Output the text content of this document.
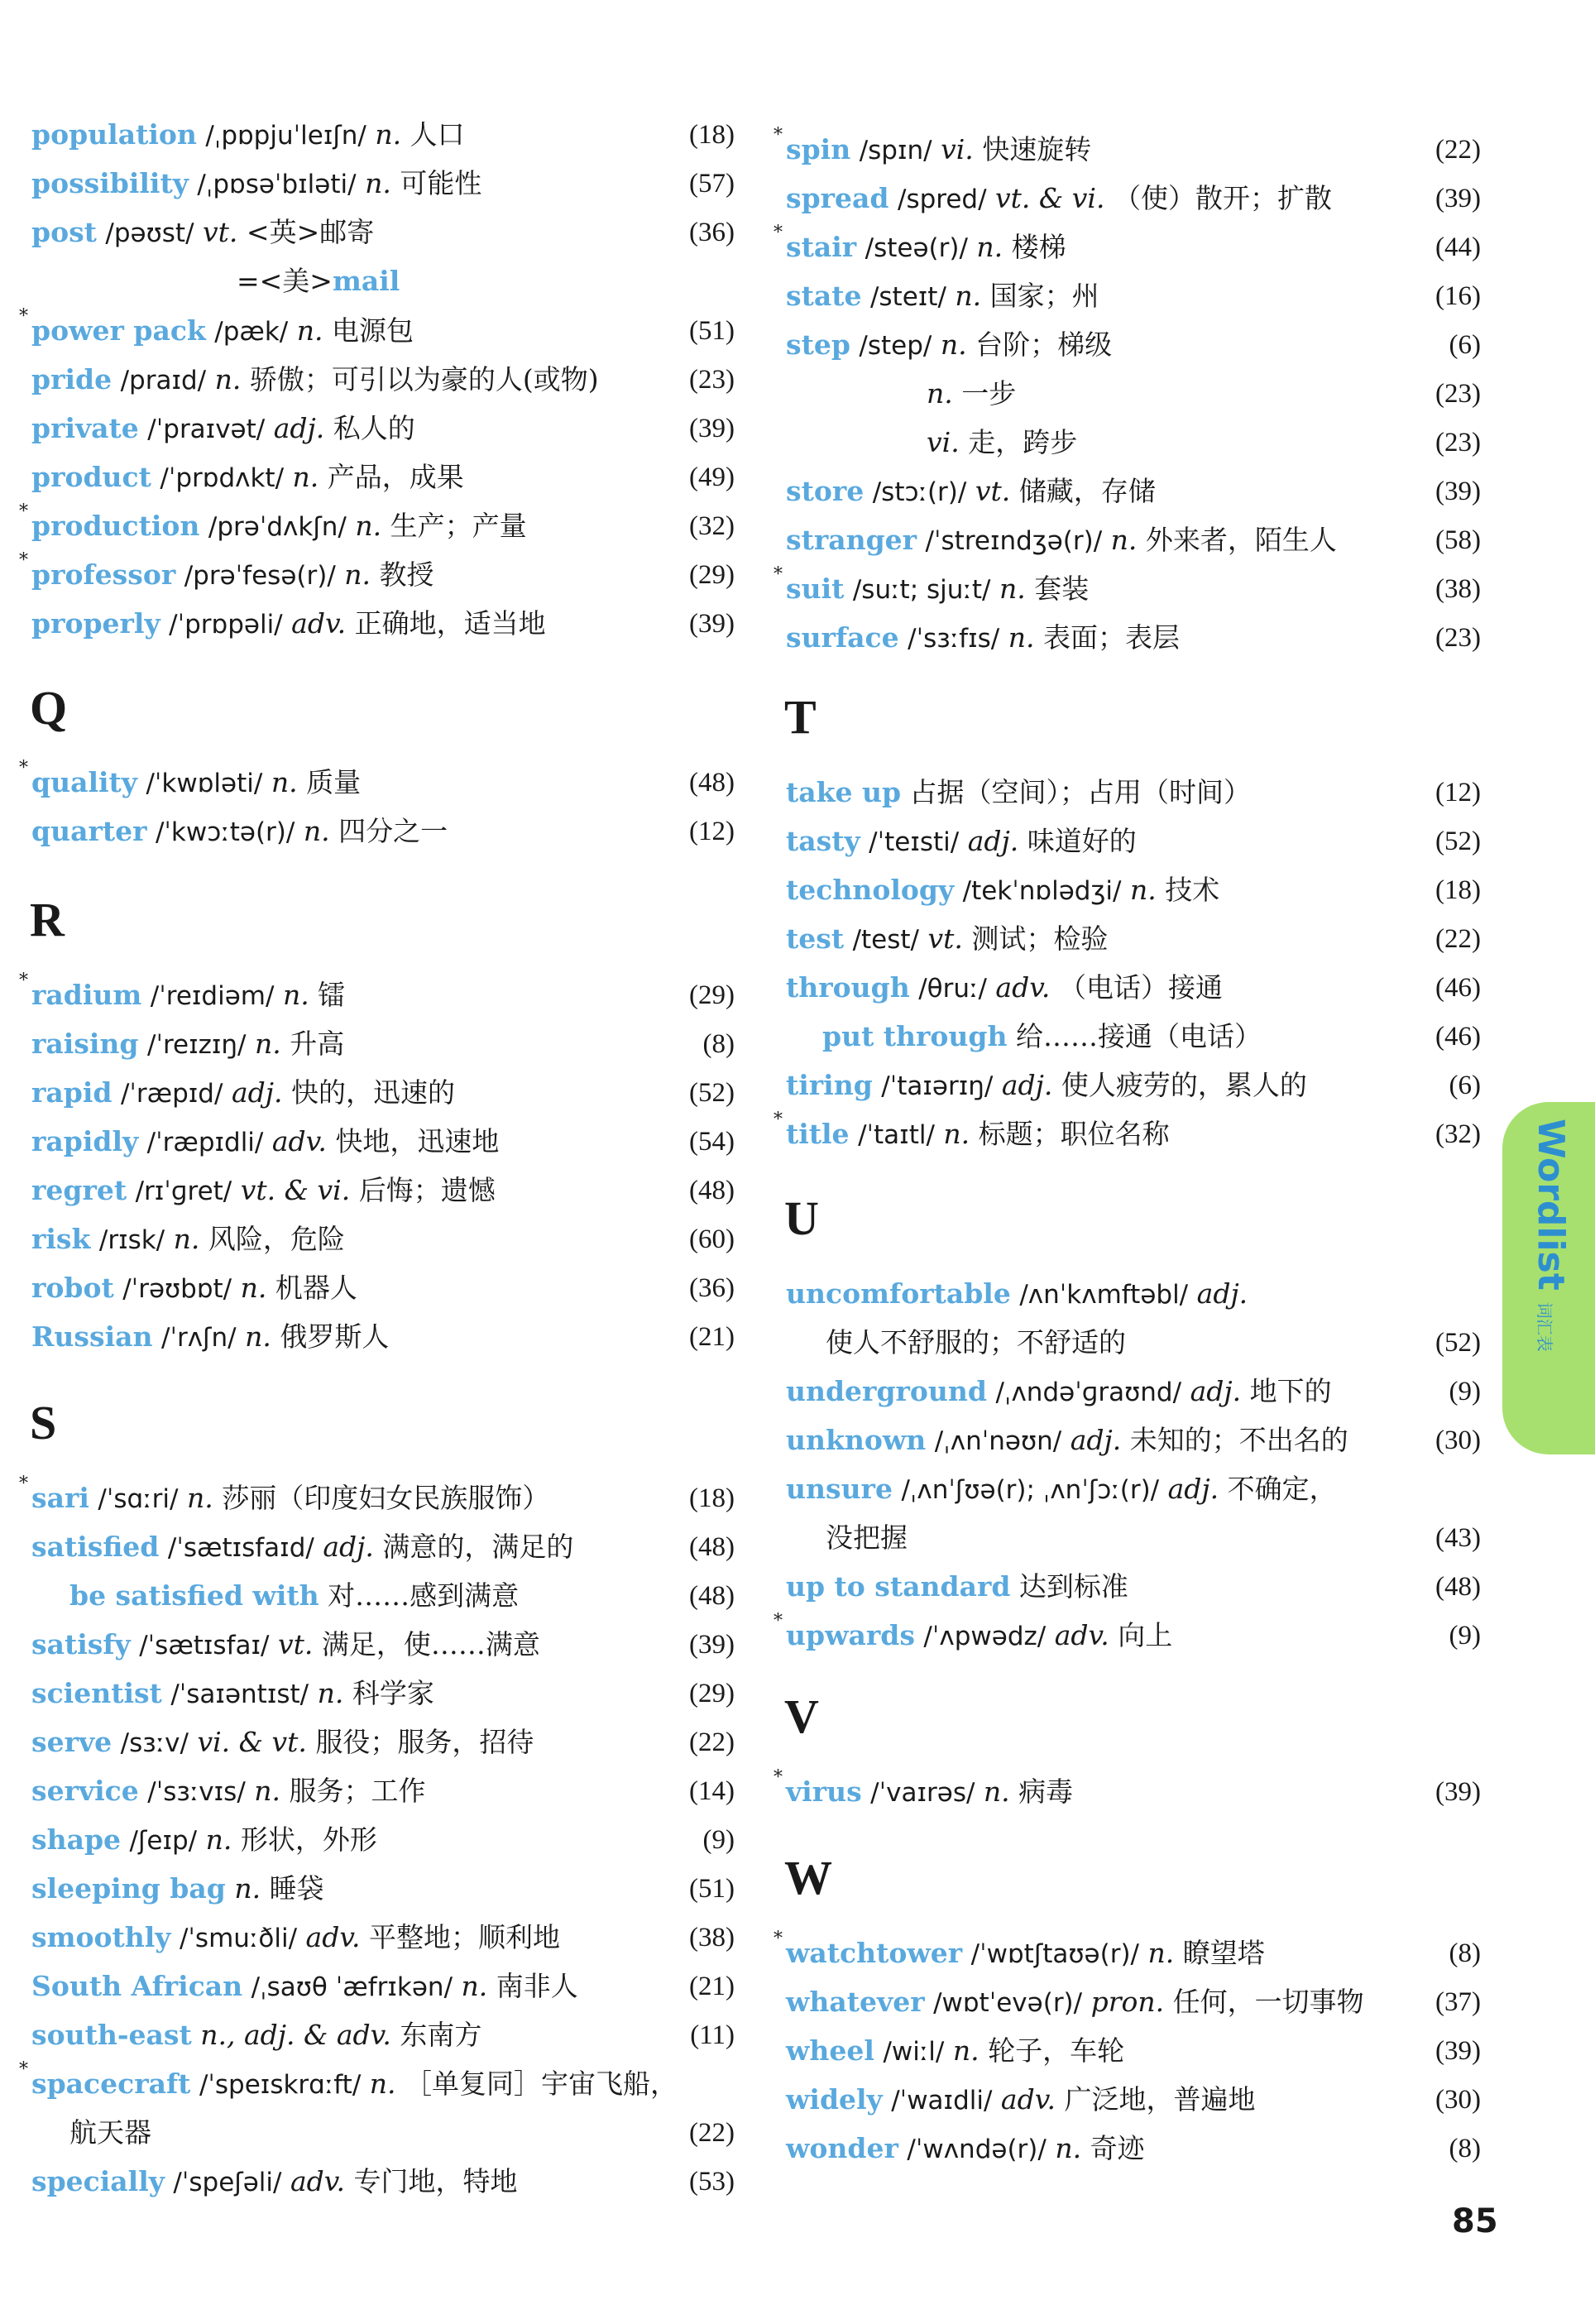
population /ˌpɒpjuˈleɪʃn/ n. 人口	(18)
possibility /ˌpɒsəˈbɪləti/ n. 可能性	(57)
post /pəʊst/ vt. <英>邮寄	(36)
=<美>mail
* power pack /pæk/ n. 电源包	(51)
pride /praɪd/ n. 骄傲；可引以为豪的人(或物)	(23)
private /ˈpraɪvət/ adj. 私人的	(39)
product /ˈprɒdʌkt/ n. 产品，成果	(49)
* production /prəˈdʌkʃn/ n. 生产；产量	(32)
* professor /prəˈfesə(r)/ n. 教授	(29)
properly /ˈprɒpəli/ adv. 正确地，适当地	(39)
Q
* quality /ˈkwɒləti/ n. 质量	(48)
quarter /ˈkwɔːtə(r)/ n. 四分之一	(12)
R
* radium /ˈreɪdiəm/ n. 镭	(29)
raising /ˈreɪzɪŋ/ n. 升高	(8)
rapid /ˈræpɪd/ adj. 快的，迅速的	(52)
rapidly /ˈræpɪdli/ adv. 快地，迅速地	(54)
regret /rɪˈɡret/ vt. & vi. 后悔；遗憾	(48)
risk /rɪsk/ n. 风险，危险	(60)
robot /ˈrəʊbɒt/ n. 机器人	(36)
Russian /ˈrʌʃn/ n. 俄罗斯人	(21)
S
* sari /ˈsɑːri/ n. 莎丽（印度妇女民族服饰）	(18)
satisfied /ˈsætɪsfaɪd/ adj. 满意的，满足的	(48)
be satisfied with 对……感到满意	(48)
satisfy /ˈsætɪsfaɪ/ vt. 满足，使……满意	(39)
scientist /ˈsaɪəntɪst/ n. 科学家	(29)
serve /sɜːv/ vi. & vt. 服役；服务，招待	(22)
service /ˈsɜːvɪs/ n. 服务；工作	(14)
shape /ʃeɪp/ n. 形状，外形	(9)
sleeping bag n. 睡袋	(51)
smoothly /ˈsmuːðli/ adv. 平整地；顺利地	(38)
South African /ˌsaʊθ ˈæfrɪkən/ n. 南非人	(21)
south-east n., adj. & adv. 东南方	(11)
* spacecraft /ˈspeɪskrɑːft/ n. ［单复同］宇宙飞船，
航天器	(22)
specially /ˈspeʃəli/ adv. 专门地，特地	(53)
* spin /spɪn/ vi. 快速旋转	(22)
spread /spred/ vt. & vi. （使）散开；扩散	(39)
* stair /steə(r)/ n. 楼梯	(44)
state /steɪt/ n. 国家；州	(16)
step /step/ n. 台阶；梯级	(6)
n. 一步	(23)
vi. 走，跨步	(23)
store /stɔː(r)/ vt. 储藏，存储	(39)
stranger /ˈstreɪndʒə(r)/ n. 外来者，陌生人	(58)
* suit /suːt; sjuːt/ n. 套装	(38)
surface /ˈsɜːfɪs/ n. 表面；表层	(23)
T
take up 占据（空间）；占用（时间）	(12)
tasty /ˈteɪsti/ adj. 味道好的	(52)
technology /tekˈnɒlədʒi/ n. 技术	(18)
test /test/ vt. 测试；检验	(22)
through /θruː/ adv. （电话）接通	(46)
put through 给……接通（电话）	(46)
tiring /ˈtaɪərɪŋ/ adj. 使人疲劳的，累人的	(6)
* title /ˈtaɪtl/ n. 标题；职位名称	(32)
U
uncomfortable /ʌnˈkʌmftəbl/ adj.
使人不舒服的；不舒适的	(52)
underground /ˌʌndəˈɡraʊnd/ adj. 地下的	(9)
unknown /ˌʌnˈnəʊn/ adj. 未知的；不出名的	(30)
unsure /ˌʌnˈʃʊə(r); ˌʌnˈʃɔː(r)/ adj. 不确定，
没把握	(43)
up to standard 达到标准	(48)
* upwards /ˈʌpwədz/ adv. 向上	(9)
V
* virus /ˈvaɪrəs/ n. 病毒	(39)
W
* watchtower /ˈwɒtʃtaʊə(r)/ n. 瞭望塔	(8)
whatever /wɒtˈevə(r)/ pron. 任何，一切事物	(37)
wheel /wiːl/ n. 轮子，车轮	(39)
widely /ˈwaɪdli/ adv. 广泛地，普遍地	(30)
wonder /ˈwʌndə(r)/ n. 奇迹	(8)
Wordlist词汇表
85
